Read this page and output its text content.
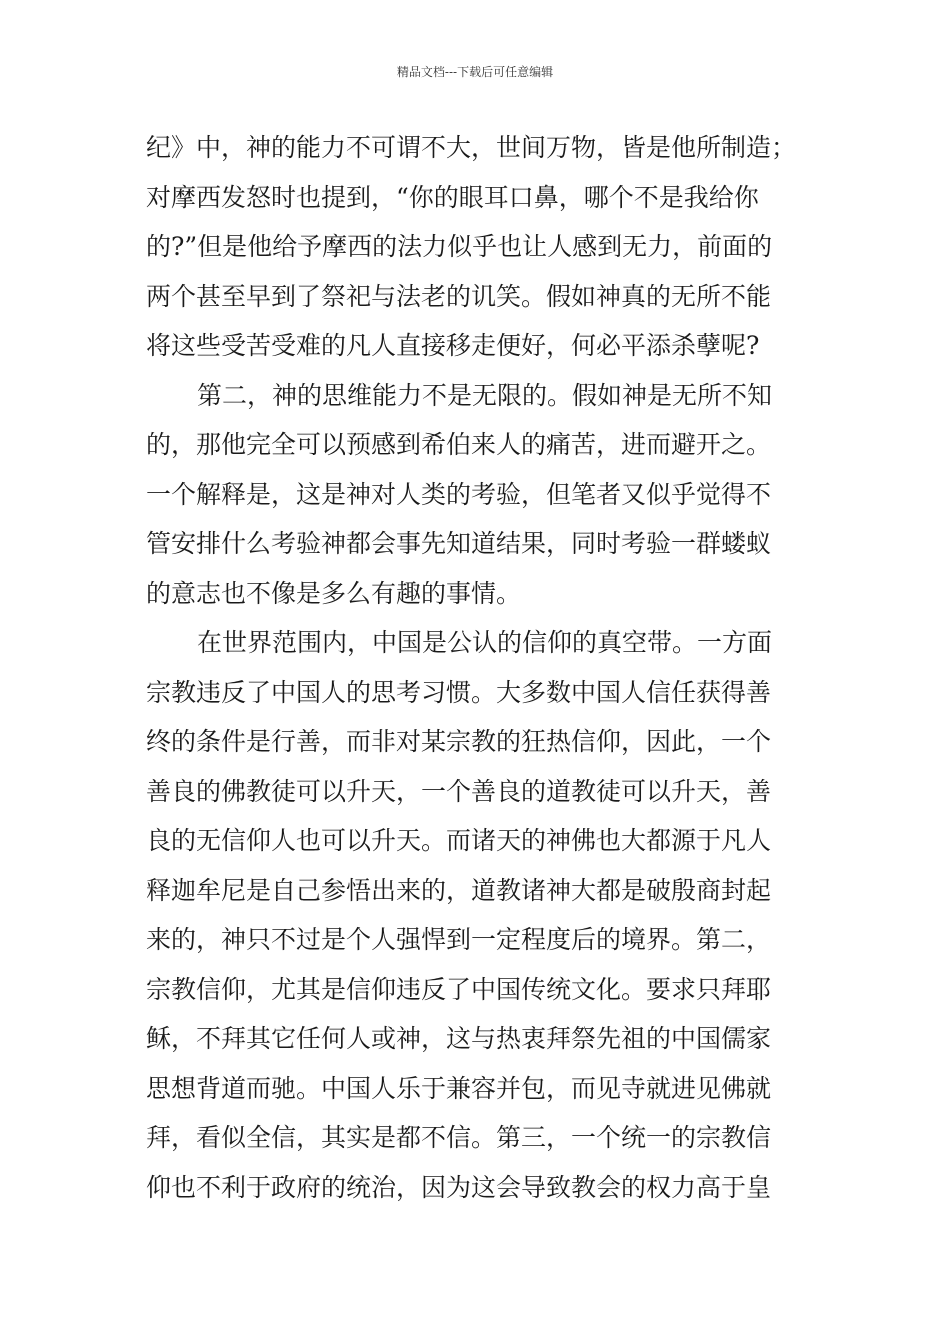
精品文档---下载后可任意编辑
纪》中，神的能力不可谓不大，世间万物，皆是他所制造；
对摩西发怒时也提到，“你的眼耳口鼻，哪个不是我给你
的?”但是他给予摩西的法力似乎也让人感到无力，前面的
两个甚至早到了祭祀与法老的讥笑。假如神真的无所不能
将这些受苦受难的凡人直接移走便好，何必平添杀孽呢?
第二，神的思维能力不是无限的。假如神是无所不知
的，那他完全可以预感到希伯来人的痛苦，进而避开之。
一个解释是，这是神对人类的考验，但笔者又似乎觉得不
管安排什么考验神都会事先知道结果，同时考验一群蝼蚁
的意志也不像是多么有趣的事情。
在世界范围内，中国是公认的信仰的真空带。一方面
宗教违反了中国人的思考习惯。大多数中国人信任获得善
终的条件是行善，而非对某宗教的狂热信仰，因此，一个
善良的佛教徒可以升天，一个善良的道教徒可以升天，善
良的无信仰人也可以升天。而诸天的神佛也大都源于凡人
释迦牟尼是自己参悟出来的，道教诸神大都是破殷商封起
来的，神只不过是个人强悍到一定程度后的境界。第二，
宗教信仰，尤其是信仰违反了中国传统文化。要求只拜耶
稣，不拜其它任何人或神，这与热衷拜祭先祖的中国儒家
思想背道而驰。中国人乐于兼容并包，而见寺就进见佛就
拜，看似全信，其实是都不信。第三，一个统一的宗教信
仰也不利于政府的统治，因为这会导致教会的权力高于皇
